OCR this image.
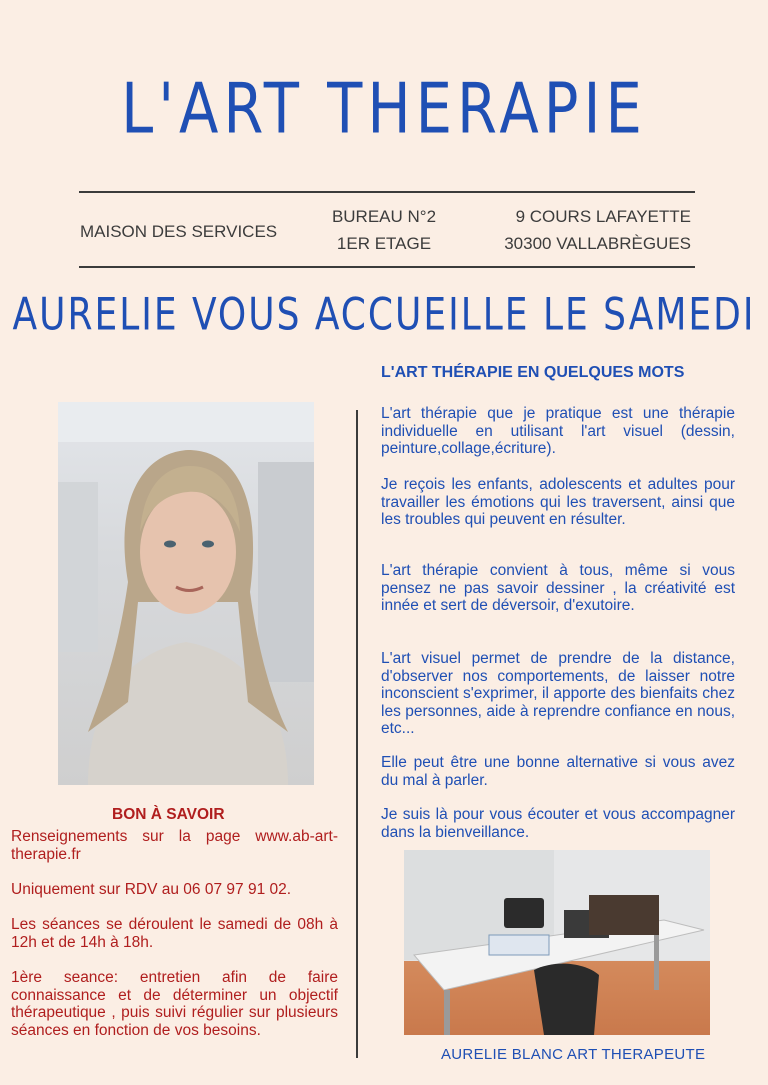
L'ART THERAPIE
MAISON DES SERVICES
BUREAU N°2
1ER ETAGE
9 COURS LAFAYETTE
30300 VALLABRÈGUES
AURELIE VOUS ACCUEILLE LE SAMEDI
L'ART THÉRAPIE EN QUELQUES MOTS

L'art thérapie que je pratique est une thérapie individuelle en utilisant l'art visuel (dessin, peinture,collage,écriture).

Je reçois les enfants, adolescents et adultes pour travailler les émotions qui les traversent, ainsi que les troubles qui peuvent en résulter.

L'art thérapie convient à tous, même si vous pensez ne pas savoir dessiner , la créativité est innée et sert de déversoir, d'exutoire.

L'art visuel permet de prendre de la distance, d'observer nos comportements, de laisser notre inconscient s'exprimer, il apporte des bienfaits chez les personnes, aide à reprendre confiance en nous, etc...

Elle peut être une bonne alternative si vous avez du mal à parler.

Je suis là pour vous écouter et vous accompagner dans la bienveillance.

BON À SAVOIR

Renseignements sur la page www.ab-art-therapie.fr

Uniquement sur RDV au 06 07 97 91 02.

Les séances se déroulent le samedi de 08h à 12h et de 14h à 18h.

1ère seance: entretien afin de faire connaissance et de déterminer un objectif thérapeutique , puis suivi régulier sur plusieurs séances en fonction de vos besoins.

AURELIE BLANC ART THERAPEUTE
